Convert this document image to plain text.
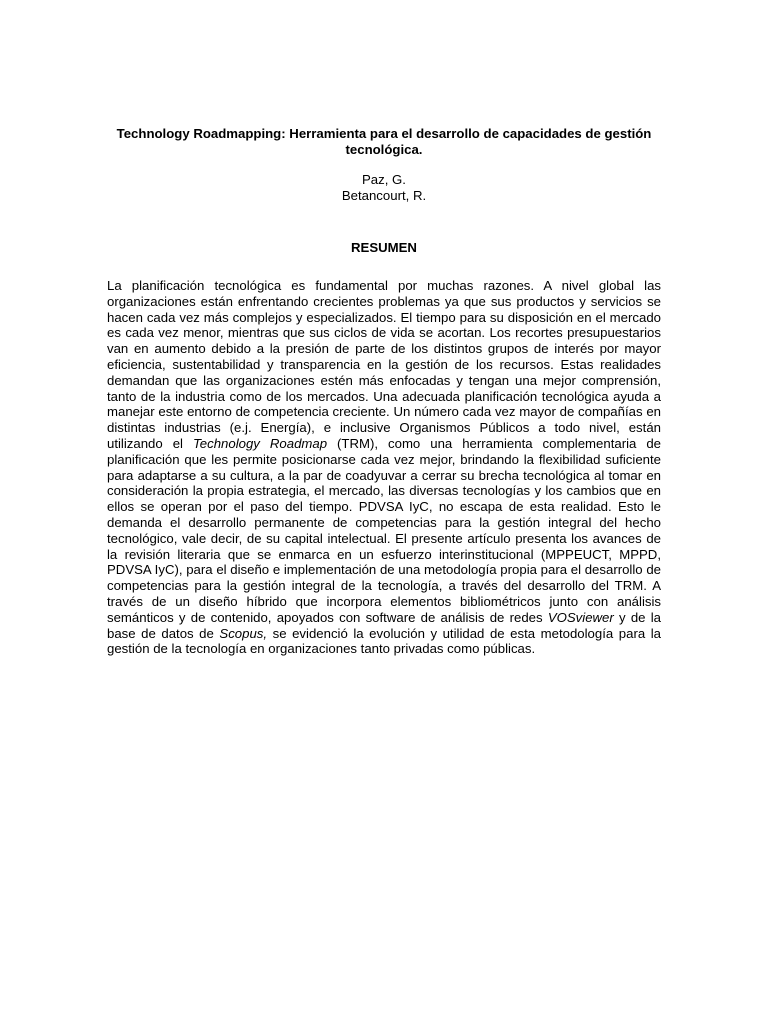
Technology Roadmapping: Herramienta para el desarrollo de capacidades de gestión tecnológica.
Paz, G.
Betancourt, R.
RESUMEN

La planificación tecnológica es fundamental por muchas razones. A nivel global las organizaciones están enfrentando crecientes problemas ya que sus productos y servicios se hacen cada vez más complejos y especializados. El tiempo para su disposición en el mercado es cada vez menor, mientras que sus ciclos de vida se acortan. Los recortes presupuestarios van en aumento debido a la presión de parte de los distintos grupos de interés por mayor eficiencia, sustentabilidad y transparencia en la gestión de los recursos. Estas realidades demandan que las organizaciones estén más enfocadas y tengan una mejor comprensión, tanto de la industria como de los mercados. Una adecuada planificación tecnológica ayuda a manejar este entorno de competencia creciente. Un número cada vez mayor de compañías en distintas industrias (e.j. Energía), e inclusive Organismos Públicos a todo nivel, están utilizando el Technology Roadmap (TRM), como una herramienta complementaria de planificación que les permite posicionarse cada vez mejor, brindando la flexibilidad suficiente para adaptarse a su cultura, a la par de coadyuvar a cerrar su brecha tecnológica al tomar en consideración la propia estrategia, el mercado, las diversas tecnologías y los cambios que en ellos se operan por el paso del tiempo. PDVSA IyC, no escapa de esta realidad. Esto le demanda el desarrollo permanente de competencias para la gestión integral del hecho tecnológico, vale decir, de su capital intelectual. El presente artículo presenta los avances de la revisión literaria que se enmarca en un esfuerzo interinstitucional (MPPEUCT, MPPD, PDVSA IyC), para el diseño e implementación de una metodología propia para el desarrollo de competencias para la gestión integral de la tecnología, a través del desarrollo del TRM. A través de un diseño híbrido que incorpora elementos bibliométricos junto con análisis semánticos y de contenido, apoyados con software de análisis de redes VOSviewer y de la base de datos de Scopus, se evidenció la evolución y utilidad de esta metodología para la gestión de la tecnología en organizaciones tanto privadas como públicas.
